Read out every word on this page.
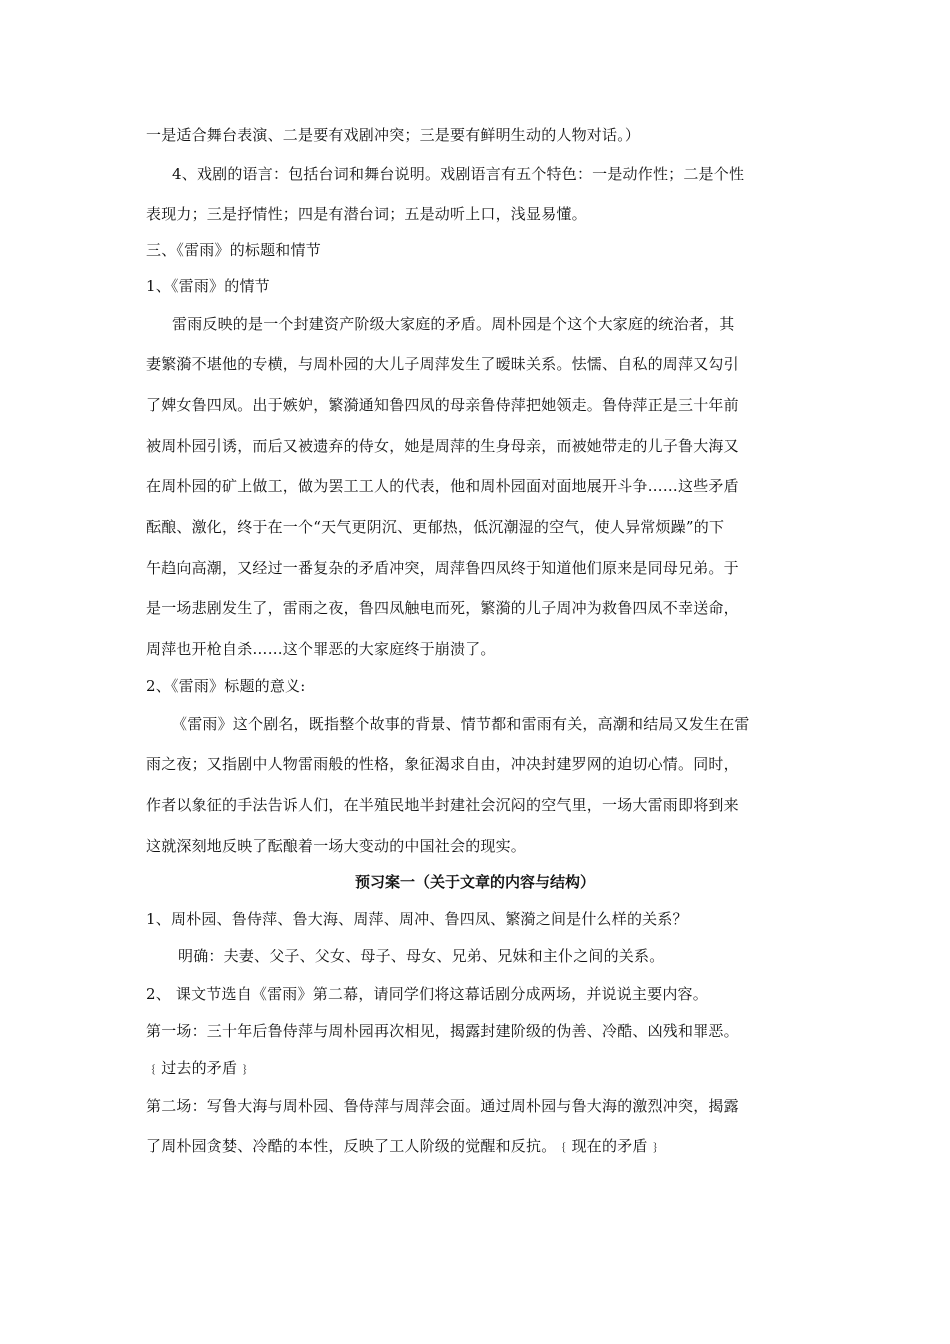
一是适合舞台表演、二是要有戏剧冲突；三是要有鲜明生动的人物对话。）
4、戏剧的语言：包括台词和舞台说明。戏剧语言有五个特色：一是动作性；二是个性
表现力；三是抒情性；四是有潜台词；五是动听上口，浅显易懂。
三、《雷雨》的标题和情节
1、《雷雨》的情节
雷雨反映的是一个封建资产阶级大家庭的矛盾。周朴园是个这个大家庭的统治者，其
妻繁漪不堪他的专横，与周朴园的大儿子周萍发生了暧昧关系。怯懦、自私的周萍又勾引
了婢女鲁四凤。出于嫉妒，繁漪通知鲁四凤的母亲鲁侍萍把她领走。鲁侍萍正是三十年前
被周朴园引诱，而后又被遗弃的侍女，她是周萍的生身母亲，而被她带走的儿子鲁大海又
在周朴园的矿上做工，做为罢工工人的代表，他和周朴园面对面地展开斗争……这些矛盾
酝酿、激化，终于在一个“天气更阴沉、更郁热，低沉潮湿的空气，使人异常烦躁”的下
午趋向高潮，又经过一番复杂的矛盾冲突，周萍鲁四凤终于知道他们原来是同母兄弟。于
是一场悲剧发生了，雷雨之夜，鲁四凤触电而死，繁漪的儿子周冲为救鲁四凤不幸送命，
周萍也开枪自杀……这个罪恶的大家庭终于崩溃了。
2、《雷雨》标题的意义:
《雷雨》这个剧名，既指整个故事的背景、情节都和雷雨有关，高潮和结局又发生在雷
雨之夜；又指剧中人物雷雨般的性格，象征渴求自由，冲决封建罗网的迫切心情。同时，
作者以象征的手法告诉人们，在半殖民地半封建社会沉闷的空气里，一场大雷雨即将到来
这就深刻地反映了酝酿着一场大变动的中国社会的现实。
预习案一（关于文章的内容与结构）
1、周朴园、鲁侍萍、鲁大海、周萍、周冲、鲁四凤、繁漪之间是什么样的关系？
明确：夫妻、父子、父女、母子、母女、兄弟、兄妹和主仆之间的关系。
2、 课文节选自《雷雨》第二幕，请同学们将这幕话剧分成两场，并说说主要内容。
第一场：三十年后鲁侍萍与周朴园再次相见，揭露封建阶级的伪善、冷酷、凶残和罪恶。
﹛过去的矛盾﹜
第二场：写鲁大海与周朴园、鲁侍萍与周萍会面。通过周朴园与鲁大海的激烈冲突，揭露
了周朴园贪婪、冷酷的本性，反映了工人阶级的觉醒和反抗。﹛现在的矛盾﹜
